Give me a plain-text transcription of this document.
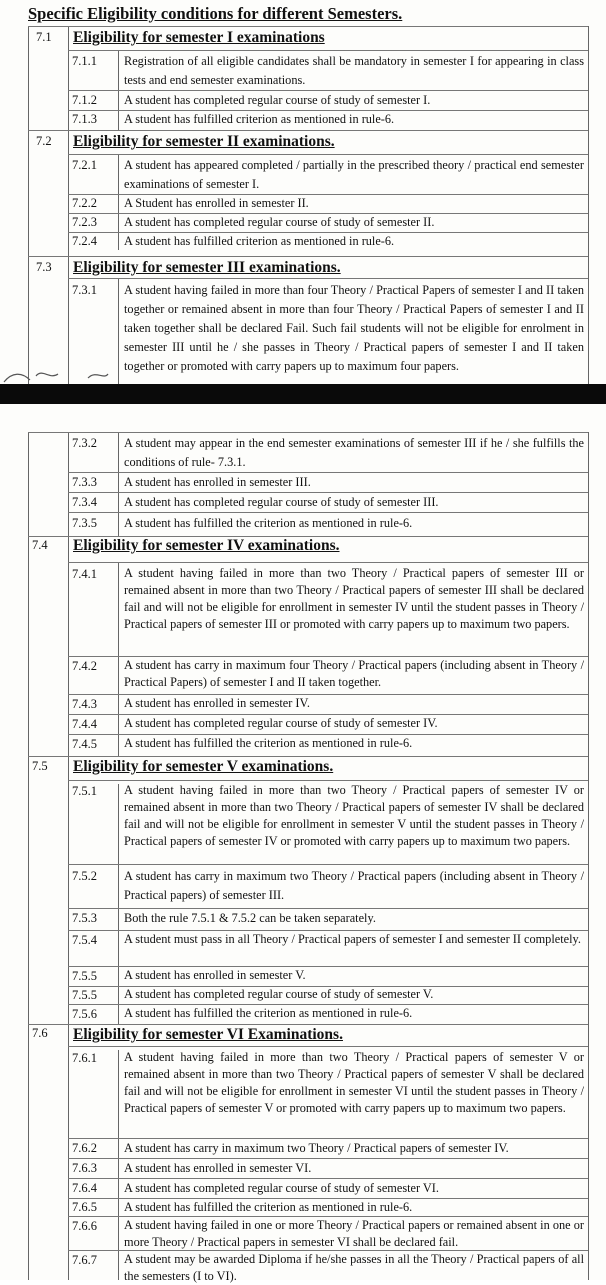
Specific Eligibility conditions for different Semesters.
7.1 Eligibility for semester I examinations
7.1.1 Registration of all eligible candidates shall be mandatory in semester I for appearing in class tests and end semester examinations.
7.1.2 A student has completed regular course of study of semester I.
7.1.3 A student has fulfilled criterion as mentioned in rule-6.
7.2 Eligibility for semester II examinations.
7.2.1 A student has appeared completed / partially in the prescribed theory / practical end semester examinations of semester I.
7.2.2 A Student has enrolled in semester II.
7.2.3 A student has completed regular course of study of semester II.
7.2.4 A student has fulfilled criterion as mentioned in rule-6.
7.3 Eligibility for semester III examinations.
7.3.1 A student having failed in more than four Theory / Practical Papers of semester I and II taken together or remained absent in more than four Theory / Practical Papers of semester I and II taken together shall be declared Fail. Such fail students will not be eligible for enrolment in semester III until he / she passes in Theory / Practical papers of semester I and II taken together or promoted with carry papers up to maximum four papers.
7.3.2 A student may appear in the end semester examinations of semester III if he / she fulfills the conditions of rule- 7.3.1.
7.3.3 A student has enrolled in semester III.
7.3.4 A student has completed regular course of study of semester III.
7.3.5 A student has fulfilled the criterion as mentioned in rule-6.
7.4 Eligibility for semester IV examinations.
7.4.1 A student having failed in more than two Theory / Practical papers of semester III or remained absent in more than two Theory / Practical papers of semester III shall be declared fail and will not be eligible for enrollment in semester IV until the student passes in Theory / Practical papers of semester III or promoted with carry papers up to maximum two papers.
7.4.2 A student has carry in maximum four Theory / Practical papers (including absent in Theory / Practical Papers) of semester I and II taken together.
7.4.3 A student has enrolled in semester IV.
7.4.4 A student has completed regular course of study of semester IV.
7.4.5 A student has fulfilled the criterion as mentioned in rule-6.
7.5 Eligibility for semester V examinations.
7.5.1 A student having failed in more than two Theory / Practical papers of semester IV or remained absent in more than two Theory / Practical papers of semester IV shall be declared fail and will not be eligible for enrollment in semester V until the student passes in Theory / Practical papers of semester IV or promoted with carry papers up to maximum two papers.
7.5.2 A student has carry in maximum two Theory / Practical papers (including absent in Theory / Practical papers) of semester III.
7.5.3 Both the rule 7.5.1 & 7.5.2 can be taken separately.
7.5.4 A student must pass in all Theory / Practical papers of semester I and semester II completely.
7.5.5 A student has enrolled in semester V.
7.5.5 A student has completed regular course of study of semester V.
7.5.6 A student has fulfilled the criterion as mentioned in rule-6.
7.6 Eligibility for semester VI Examinations.
7.6.1 A student having failed in more than two Theory / Practical papers of semester V or remained absent in more than two Theory / Practical papers of semester V shall be declared fail and will not be eligible for enrollment in semester VI until the student passes in Theory / Practical papers of semester V or promoted with carry papers up to maximum two papers.
7.6.2 A student has carry in maximum two Theory / Practical papers of semester IV.
7.6.3 A student has enrolled in semester VI.
7.6.4 A student has completed regular course of study of semester VI.
7.6.5 A student has fulfilled the criterion as mentioned in rule-6.
7.6.6 A student having failed in one or more Theory / Practical papers or remained absent in one or more Theory / Practical papers in semester VI shall be declared fail.
7.6.7 A student may be awarded Diploma if he/she passes in all the Theory / Practical papers of all the semesters (I to VI).
